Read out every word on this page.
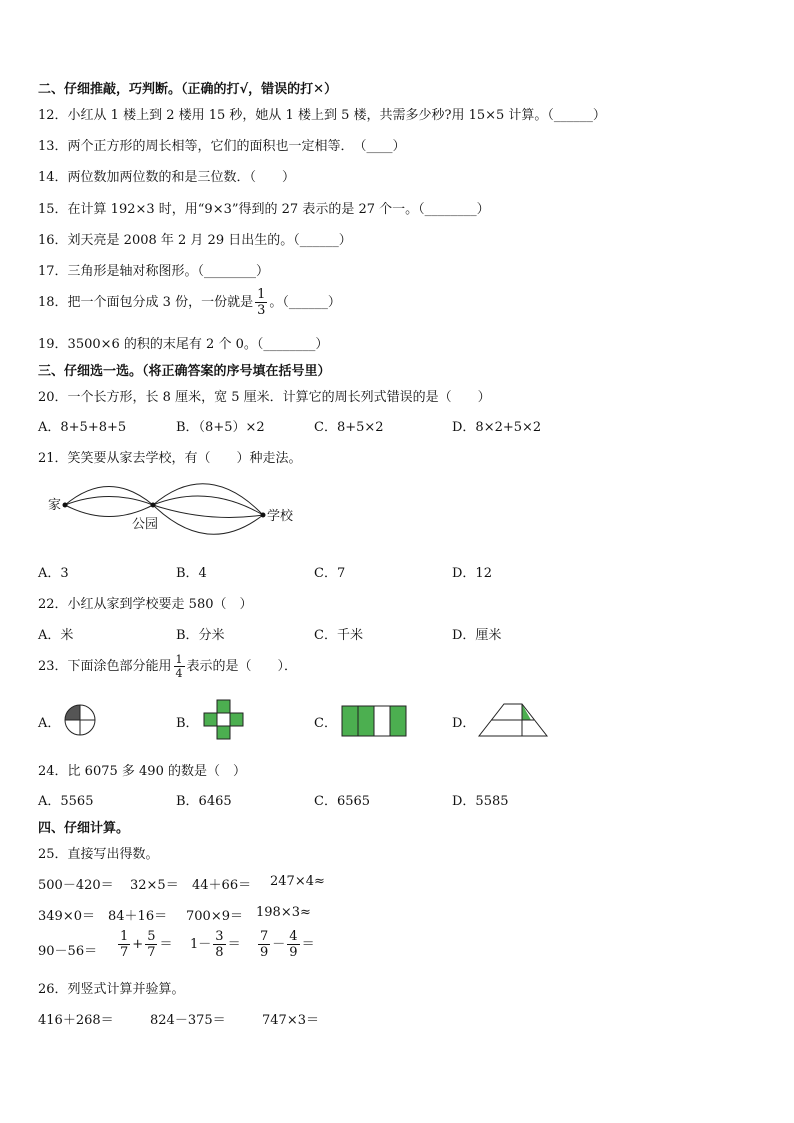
二、仔细推敲，巧判断。（正确的打√，错误的打✕）
12．小红从 1 楼上到 2 楼用 15 秒，她从 1 楼上到 5 楼，共需多少秒?用 15×5 计算。（______）
13．两个正方形的周长相等，它们的面积也一定相等．　（____）
14．两位数加两位数的和是三位数．（　　）
15．在计算 192×3 时，用“9×3”得到的 27 表示的是 27 个一。（________）
16．刘天亮是 2008 年 2 月 29 日出生的。（______）
17．三角形是轴对称图形。（________）
18．把一个面包分成 3 份，一份就是 $\frac{1}{3}$ 。（______）
19．3500×6 的积的末尾有 2 个 0。（________）
三、仔细选一选。（将正确答案的序号填在括号里）
20．一个长方形，长 8 厘米，宽 5 厘米．计算它的周长列式错误的是（　　）
A．8+5+8+5	B．（8+5）×2	C．8+5×2	D．8×2+5×2
21．笑笑要从家去学校，有（　　）种走法。
家
公园
学校
A．3	B．4	C．7	D．12
22．小红从家到学校要走 580（　）
A．米	B．分米	C．千米	D．厘米
23．下面涂色部分能用 $\frac{1}{4}$ 表示的是（　　）．
A．	B．	C．	D．
24．比 6075 多 490 的数是（　）
A．5565	B．6465	C．6565	D．5585
四、仔细计算。
25．直接写出得数。
500－420＝ 32×5＝ 44＋66＝ 247×4≈
349×0＝ 84＋16＝ 700×9＝ 198×3≈
$90-56= \frac{1}{7} + \frac{5}{7} = 1- \frac{3}{8} = \frac{7}{9} - \frac{4}{9}$ ＝
26．列竖式计算并验算。
416＋268＝	824－375＝	747×3＝
